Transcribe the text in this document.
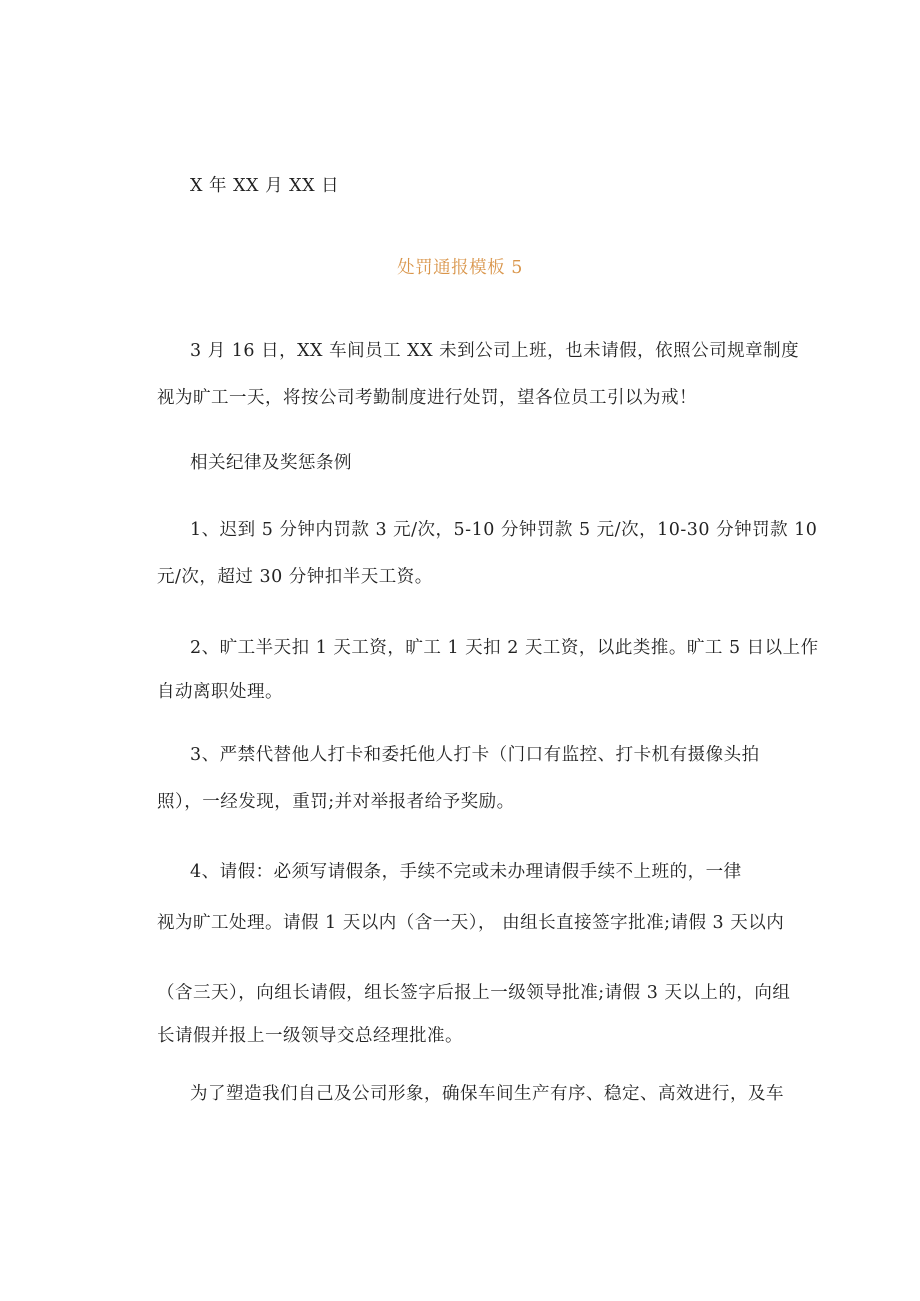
X 年 XX 月 XX 日
处罚通报模板 5
3 月 16 日，XX 车间员工 XX 未到公司上班，也未请假，依照公司规章制度
视为旷工一天，将按公司考勤制度进行处罚，望各位员工引以为戒！
相关纪律及奖惩条例
1、迟到 5 分钟内罚款 3 元/次，5-10 分钟罚款 5 元/次，10-30 分钟罚款 10
元/次，超过 30 分钟扣半天工资。
2、旷工半天扣 1 天工资，旷工 1 天扣 2 天工资，以此类推。旷工 5 日以上作
自动离职处理。
3、严禁代替他人打卡和委托他人打卡（门口有监控、打卡机有摄像头拍
照），一经发现，重罚;并对举报者给予奖励。
4、请假：必须写请假条，手续不完或未办理请假手续不上班的，一律
视为旷工处理。请假 1 天以内（含一天）， 由组长直接签字批准;请假 3 天以内
（含三天），向组长请假，组长签字后报上一级领导批准;请假 3 天以上的，向组
长请假并报上一级领导交总经理批准。
为了塑造我们自己及公司形象，确保车间生产有序、稳定、高效进行，及车
